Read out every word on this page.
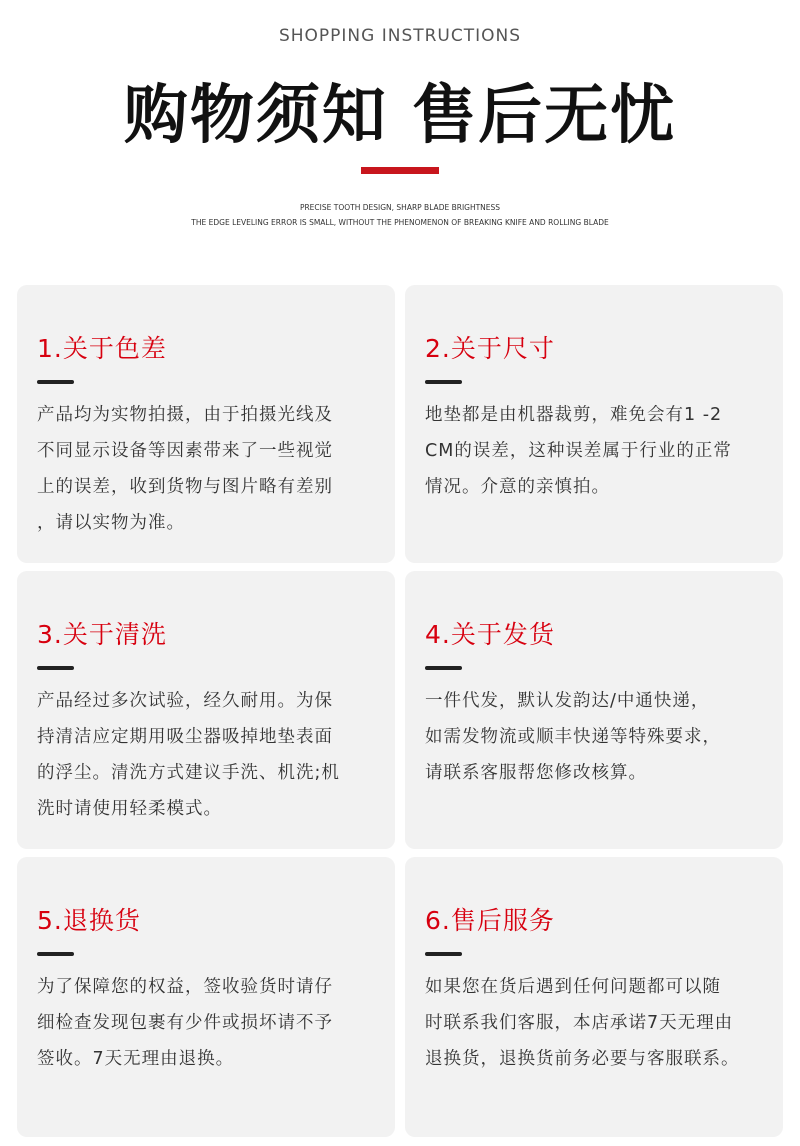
SHOPPING INSTRUCTIONS
购物须知 售后无忧
PRECISE TOOTH DESIGN, SHARP BLADE BRIGHTNESS
THE EDGE LEVELING ERROR IS SMALL, WITHOUT THE PHENOMENON OF BREAKING KNIFE AND ROLLING BLADE
1.关于色差
产品均为实物拍摄，由于拍摄光线及
不同显示设备等因素带来了一些视觉
上的误差，收到货物与图片略有差别
，请以实物为准。
2.关于尺寸
地垫都是由机器裁剪，难免会有1 -2
CM的误差，这种误差属于行业的正常
情况。介意的亲慎拍。
3.关于清洗
产品经过多次试验，经久耐用。为保
持清洁应定期用吸尘器吸掉地垫表面
的浮尘。清洗方式建议手洗、机洗;机
洗时请使用轻柔模式。
4.关于发货
一件代发，默认发韵达/中通快递，
如需发物流或顺丰快递等特殊要求，
请联系客服帮您修改核算。
5.退换货
为了保障您的权益，签收验货时请仔
细检查发现包裹有少件或损坏请不予
签收。7天无理由退换。
6.售后服务
如果您在货后遇到任何问题都可以随
时联系我们客服，本店承诺7天无理由
退换货，退换货前务必要与客服联系。
